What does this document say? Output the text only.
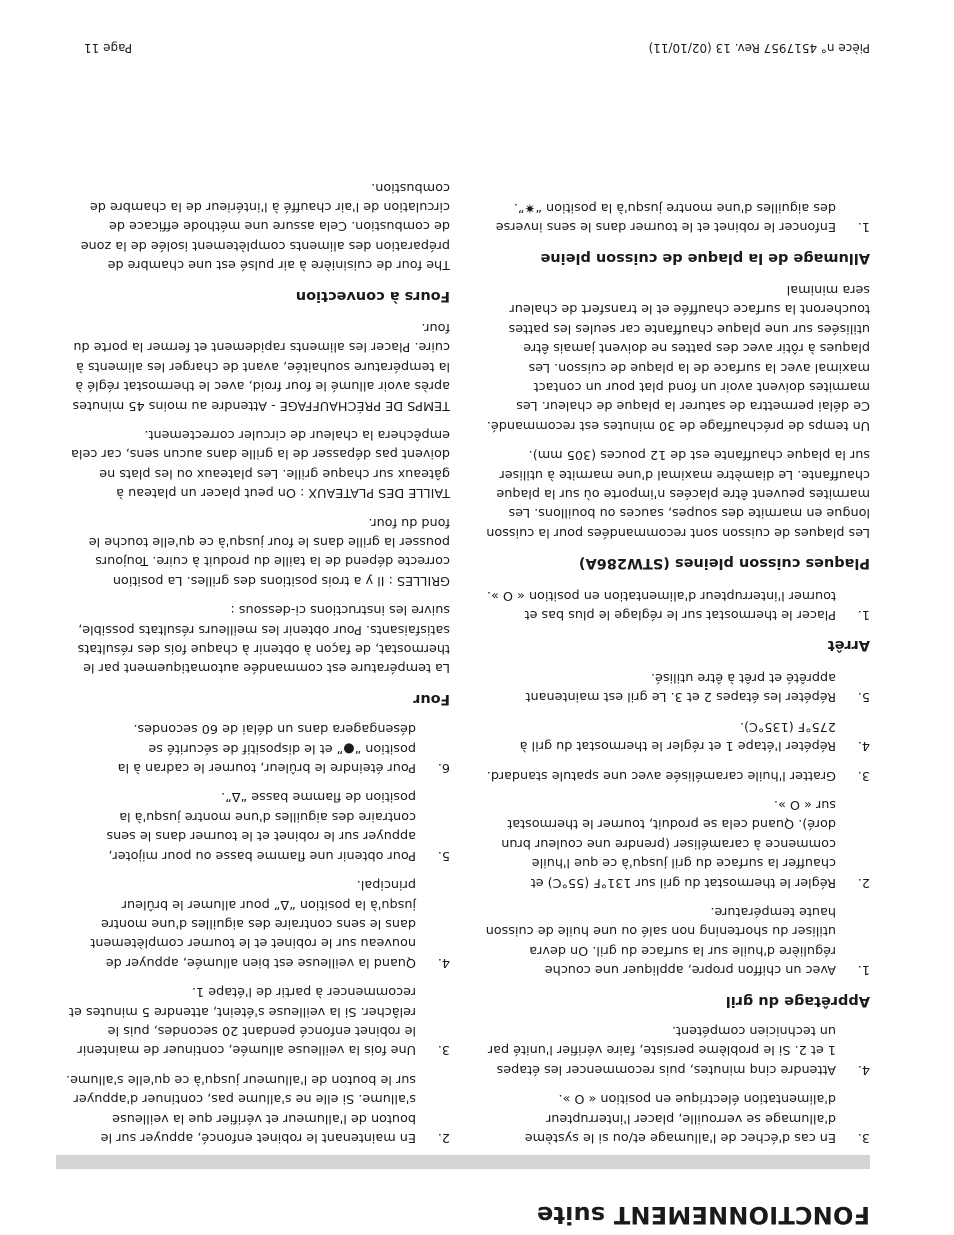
FONCTIONNEMENT suite
3.
En cas d'échec de l'allumage et/ou si le système d'allumage se verrouille, placer l'interrupteur d'alimentation électrique en position « O ».
4.
Attendre cinq minutes, puis recommencer les étapes 1 et 2. Si le problème persiste, faire vérifier l'unité par un technicien compétent.
Apprêtage du gril
1.
Avec un chiffon propre, appliquer une couche régulière d'huile sur la surface du gril. On devra utiliser du shortening non salé ou une huile de cuisson haute température.
2.
Régler le thermostat du gril sur 131°F (55°C) et chauffer la surface du gril jusqu'à ce que l'huile commence à caraméliser (prendre une couleur brun doré). Quand cela se produit, tourner le thermostat sur « O ».
3.
Gratter l'huile caramélisée avec une spatule standard.
4.
Répéter l'étape 1 et régler le thermostat du gril à 275°F (135°C).
5.
Répéter les étapes 2 et 3. Le gril est maintenant apprêté et prêt à être utilisé.
Arrêt
1.
Placer le thermostat sur le réglage le plus bas et tourner l'interrupteur d'alimentation en position « O ».
Plaques cuisson pleines (STW286A)

Les plaques de cuisson sont recommandées pour la cuisson longue en marmite des soupes, sauces ou bouillons. Les marmites peuvent être placées n'importe où sur la plaque chauffante. Le diamètre maximal d'une marmite à utiliser sur la plaque chauffante est de 12 pouces (305 mm).

Un temps de préchauffage de 30 minutes est recommandé. Ce délai permettra de saturer la plaque de chaleur. Les marmites doivent avoir un fond plat pour un contact maximal avec la surface de la plaque de cuisson. Les plaques à rôtir avec des pattes ne doivent jamais être utilisées sur une plaque chauffante car seules les pattes toucheront la surface chauffée et le transfert de chaleur sera minimal

Allumage de la plaque de cuisson pleine
1.
Enfoncer le robinet et le tourner dans le sens inverse des aiguilles d'une montre jusqu'à la position “✷”.
2.
En maintenant le robinet enfoncé, appuyer sur le bouton de l'allumeur et vérifier que la veilleuse s'allume. Si elle ne s'allume pas, continuer d'appuyer sur le bouton de l'allumeur jusqu'à ce qu'elle s'allume.
3.
Une fois la veilleuse allumée, continuer de maintenir le robinet enfoncé pendant 20 secondes, puis le relâcher. Si la veilleuse s'éteint, attendre 5 minutes et recommencer à partir de l'étape 1.
4.
Quand la veilleuse est bien allumée, appuyer de nouveau sur le robinet et le tourner complètement dans le sens contraire des aiguilles d'une montre jusqu'à la position “Δ” pour allumer le brûleur principal.
5.
Pour obtenir une flamme basse ou pour mijoter, appuyer sur le robinet et le tourner dans le sens contraire des aiguilles d'une montre jusqu'à la position de flamme basse “Δ”.
6.
Pour éteindre le brûleur, tourner le cadran à la position “●” et le dispositif de sécurité se désengagera dans un délai de 60 secondes.
Four

La température est commandée automatiquement par le thermostat, de façon à obtenir à chaque fois des résultats satisfaisants. Pour obtenir les meilleurs résultats possible, suivre les instructions ci-dessous :

GRILLES : Il y a trois positions des grilles. La position correcte dépend de la taille du produit à cuire. Toujours pousser la grille dans le four jusqu'à ce qu'elle touche le fond du four.

TAILLE DES PLATEAUX : On peut placer un plateau à gâteaux sur chaque grille. Les plateaux ou les plats ne doivent pas dépasser de la grille dans aucun sens, car cela empêchera la chaleur de circuler correctement.

TEMPS DE PRÉCHAUFFAGE - Attendre au moins 45 minutes après avoir allumé le four froid, avec le thermostat réglé à la température souhaitée, avant de charger les aliments à cuire. Placer les aliments rapidement et fermer la porte du four.

Fours à convection

The four de cuisinière à air pulsé est une chambre de préparation des aliments complètement isolée de la zone de combustion. Cela assure une méthode efficace de circulation de l'air chauffé à l'intérieur de la chambre de combustion.

Pièce n° 4517957 Rev. 13 (02/10/11)
Page 11
